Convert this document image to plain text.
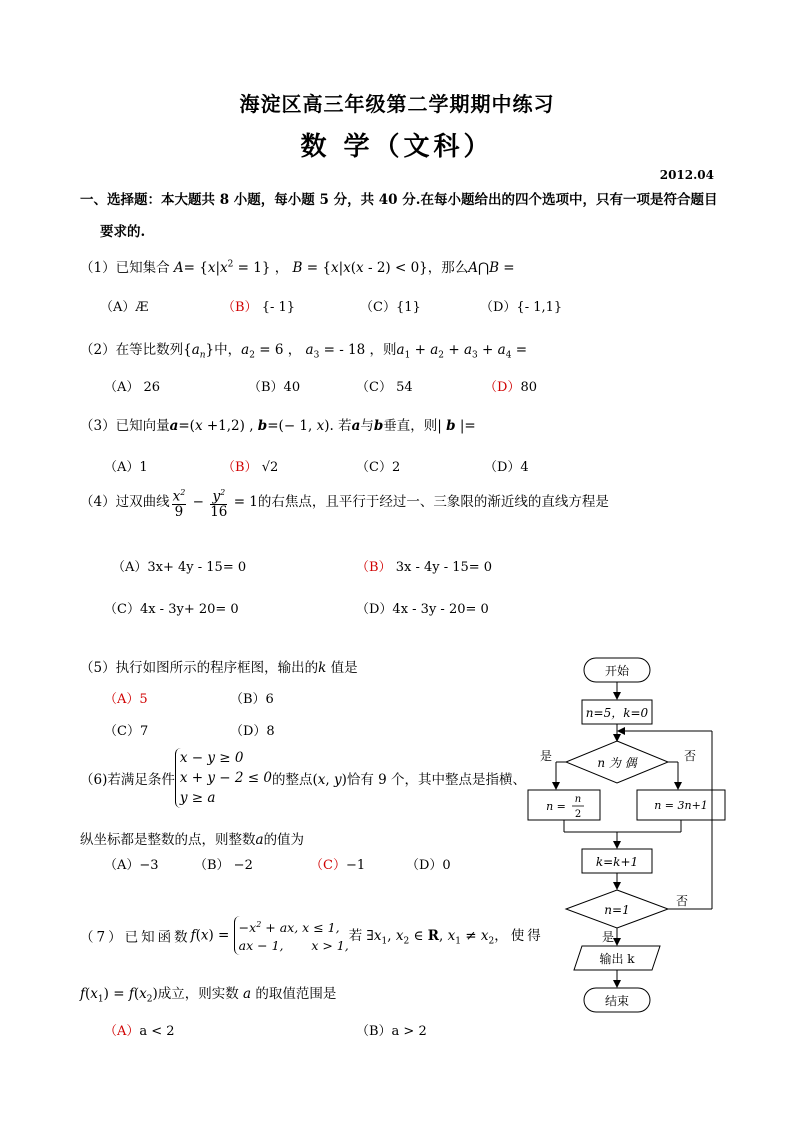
海淀区高三年级第二学期期中练习
数 学（文科）
2012.04
一、选择题：本大题共 8 小题，每小题 5 分，共 40 分.在每小题给出的四个选项中，只有一项是符合题目
要求的.
（1）已知集合 $A= \{x|x^2 = 1\}$ ， B = {x|x(x - 2) < 0}，那么A⋂B =
（A）Æ	（B） {- 1}	（C）{1}	（D）{- 1,1}
（2）在等比数列$\{a_n\}$中，$a_2 = 6$ ， $a_3$ = - 18 ，则$a_1 + a_2 + a_3 + a_4$ =
（A） 26	（B）40	（C） 54	（D）80
（3）已知向量a=(x +1,2) , b=(− 1, x). 若a与b垂直，则| b |=
（A）1	（B） √2	（C）2	（D）4
（4）过双曲线 $\frac{x^2}{9} - \frac{y^2}{16} = 1$的右焦点，且平行于经过一、三象限的渐近线的直线方程是
（A）3x+ 4y - 15= 0	（B） 3x - 4y - 15= 0
（C）4x - 3y+ 20= 0	（D）4x - 3y - 20= 0
（5）执行如图所示的程序框图，输出的k 值是
（A）5	（B）6
（C）7	（D）8
（6)若满足条件x − y ≥ 0
x + y − 2 ≤ 0
y ≥ a的整点(x, y)恰有 9 个，其中整点是指横、
纵坐标都是整数的点，则整数a的值为
（A）−3	（B） −2	（C）−1	（D）0
（7）已知函数$f(x) = -x^2$ + ax, x ≤ 1,
ax − 1,       x > 1,若 $\exists x_1$, $x_2$ ∈ R, $x_1 \ne x_2$，使得
$f(x_1) = f(x_2)$成立，则实数 a 的取值范围是
（A）a < 2	（B）a > 2
开始
n=5，k=0
n 为 偶
是	否
n =
n
2
n = 3n+1
k=k+1
n=1
否
是
输出 k
结束
